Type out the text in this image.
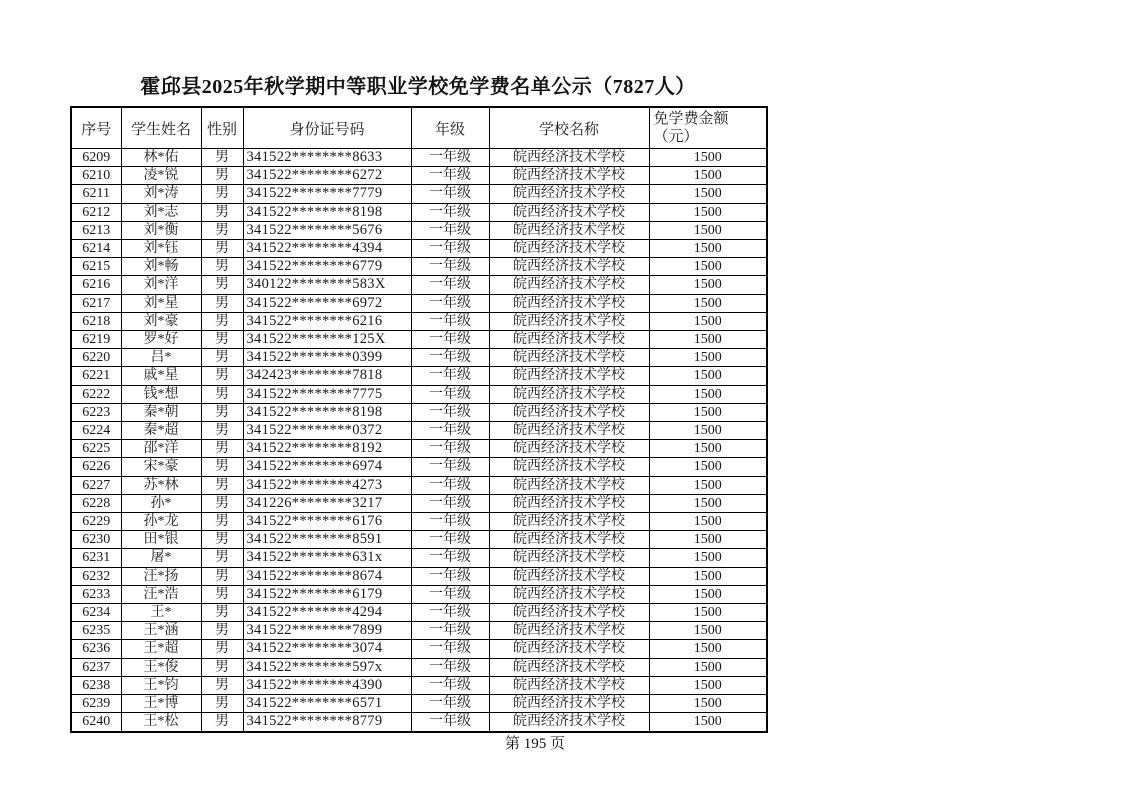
霍邱县2025年秋学期中等职业学校免学费名单公示（7827人）
序号	学生姓名	性别	身份证号码	年级	学校名称	免学费金额
（元）

6209	林*佑	男	341522********8633	一年级	皖西经济技术学校	1500
6210	凌*锐	男	341522********6272	一年级	皖西经济技术学校	1500
6211	刘*涛	男	341522********7779	一年级	皖西经济技术学校	1500
6212	刘*志	男	341522********8198	一年级	皖西经济技术学校	1500
6213	刘*衡	男	341522********5676	一年级	皖西经济技术学校	1500
6214	刘*钰	男	341522********4394	一年级	皖西经济技术学校	1500
6215	刘*畅	男	341522********6779	一年级	皖西经济技术学校	1500
6216	刘*洋	男	340122********583X	一年级	皖西经济技术学校	1500
6217	刘*星	男	341522********6972	一年级	皖西经济技术学校	1500
6218	刘*豪	男	341522********6216	一年级	皖西经济技术学校	1500
6219	罗*好	男	341522********125X	一年级	皖西经济技术学校	1500
6220	吕*	男	341522********0399	一年级	皖西经济技术学校	1500
6221	戚*星	男	342423********7818	一年级	皖西经济技术学校	1500
6222	钱*想	男	341522********7775	一年级	皖西经济技术学校	1500
6223	秦*朝	男	341522********8198	一年级	皖西经济技术学校	1500
6224	秦*超	男	341522********0372	一年级	皖西经济技术学校	1500
6225	邵*洋	男	341522********8192	一年级	皖西经济技术学校	1500
6226	宋*豪	男	341522********6974	一年级	皖西经济技术学校	1500
6227	苏*林	男	341522********4273	一年级	皖西经济技术学校	1500
6228	孙*	男	341226********3217	一年级	皖西经济技术学校	1500
6229	孙*龙	男	341522********6176	一年级	皖西经济技术学校	1500
6230	田*银	男	341522********8591	一年级	皖西经济技术学校	1500
6231	屠*	男	341522********631x	一年级	皖西经济技术学校	1500
6232	汪*扬	男	341522********8674	一年级	皖西经济技术学校	1500
6233	汪*浩	男	341522********6179	一年级	皖西经济技术学校	1500
6234	王*	男	341522********4294	一年级	皖西经济技术学校	1500
6235	王*涵	男	341522********7899	一年级	皖西经济技术学校	1500
6236	王*超	男	341522********3074	一年级	皖西经济技术学校	1500
6237	王*俊	男	341522********597x	一年级	皖西经济技术学校	1500
6238	王*钧	男	341522********4390	一年级	皖西经济技术学校	1500
6239	王*博	男	341522********6571	一年级	皖西经济技术学校	1500
6240	王*松	男	341522********8779	一年级	皖西经济技术学校	1500
第 195 页
